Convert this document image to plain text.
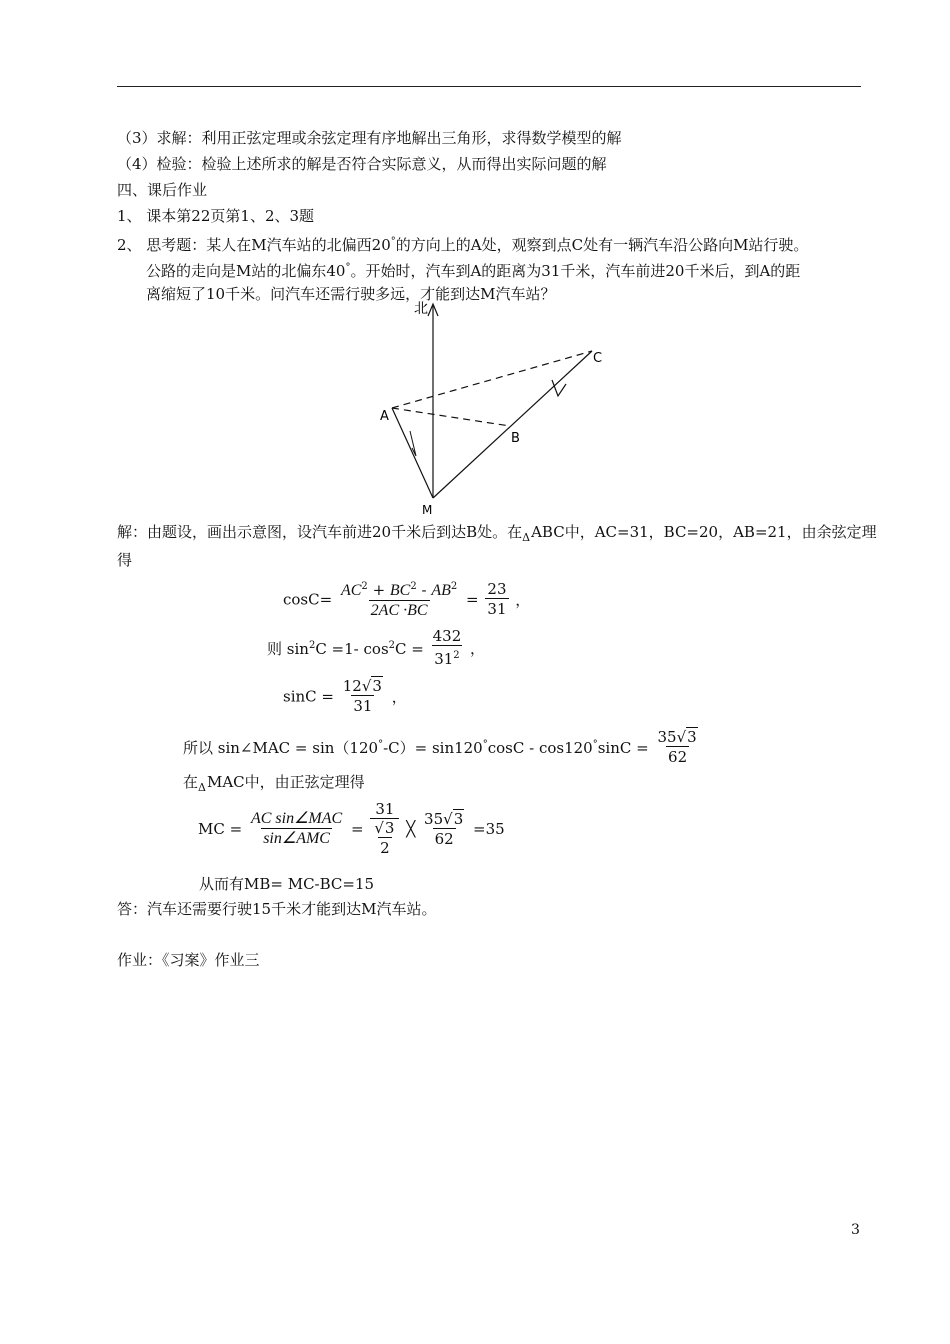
（3）求解：利用正弦定理或余弦定理有序地解出三角形，求得数学模型的解
（4）检验：检验上述所求的解是否符合实际意义，从而得出实际问题的解
四、课后作业
1、 课本第22页第1、2、3题
2、 思考题：某人在M汽车站的北偏西20°的方向上的A处，观察到点C处有一辆汽车沿公路向M站行驶。
公路的走向是M站的北偏东40°。开始时，汽车到A的距离为31千米，汽车前进20千米后，到A的距
离缩短了10千米。问汽车还需行驶多远，才能到达M汽车站？
北
A
B
C
M
解：由题设，画出示意图，设汽车前进20千米后到达B处。在$_\Delta$ABC中，AC=31，BC=20，AB=21，由余弦定理
得
$\cos C= \frac{AC^2 + BC^2 - AB^2}{2AC \cdot BC} = \frac{23}{31}$ ，
则 $\sin^2C =1-$ $\cos^2C = \frac{432}{31^2}$ ，
$\sin C = \frac{12√3}{31}$ ，
所以 sin∠MAC = $\sin(120^\circ-C)= \sin 120^\circ\cos C - \cos 120^\circ\sin C = \frac{35√3}{62}$
在$_\Delta$MAC中，由正弦定理得
MC = $\frac{\text{AC sin∠MAC}}{\text{sin∠AMC}} = 31$
√3
2 ╳ $\frac{35√3}{62} =35$
从而有MB= MC-BC=15
答：汽车还需要行驶15千米才能到达M汽车站。
作业：《习案》作业三
3
